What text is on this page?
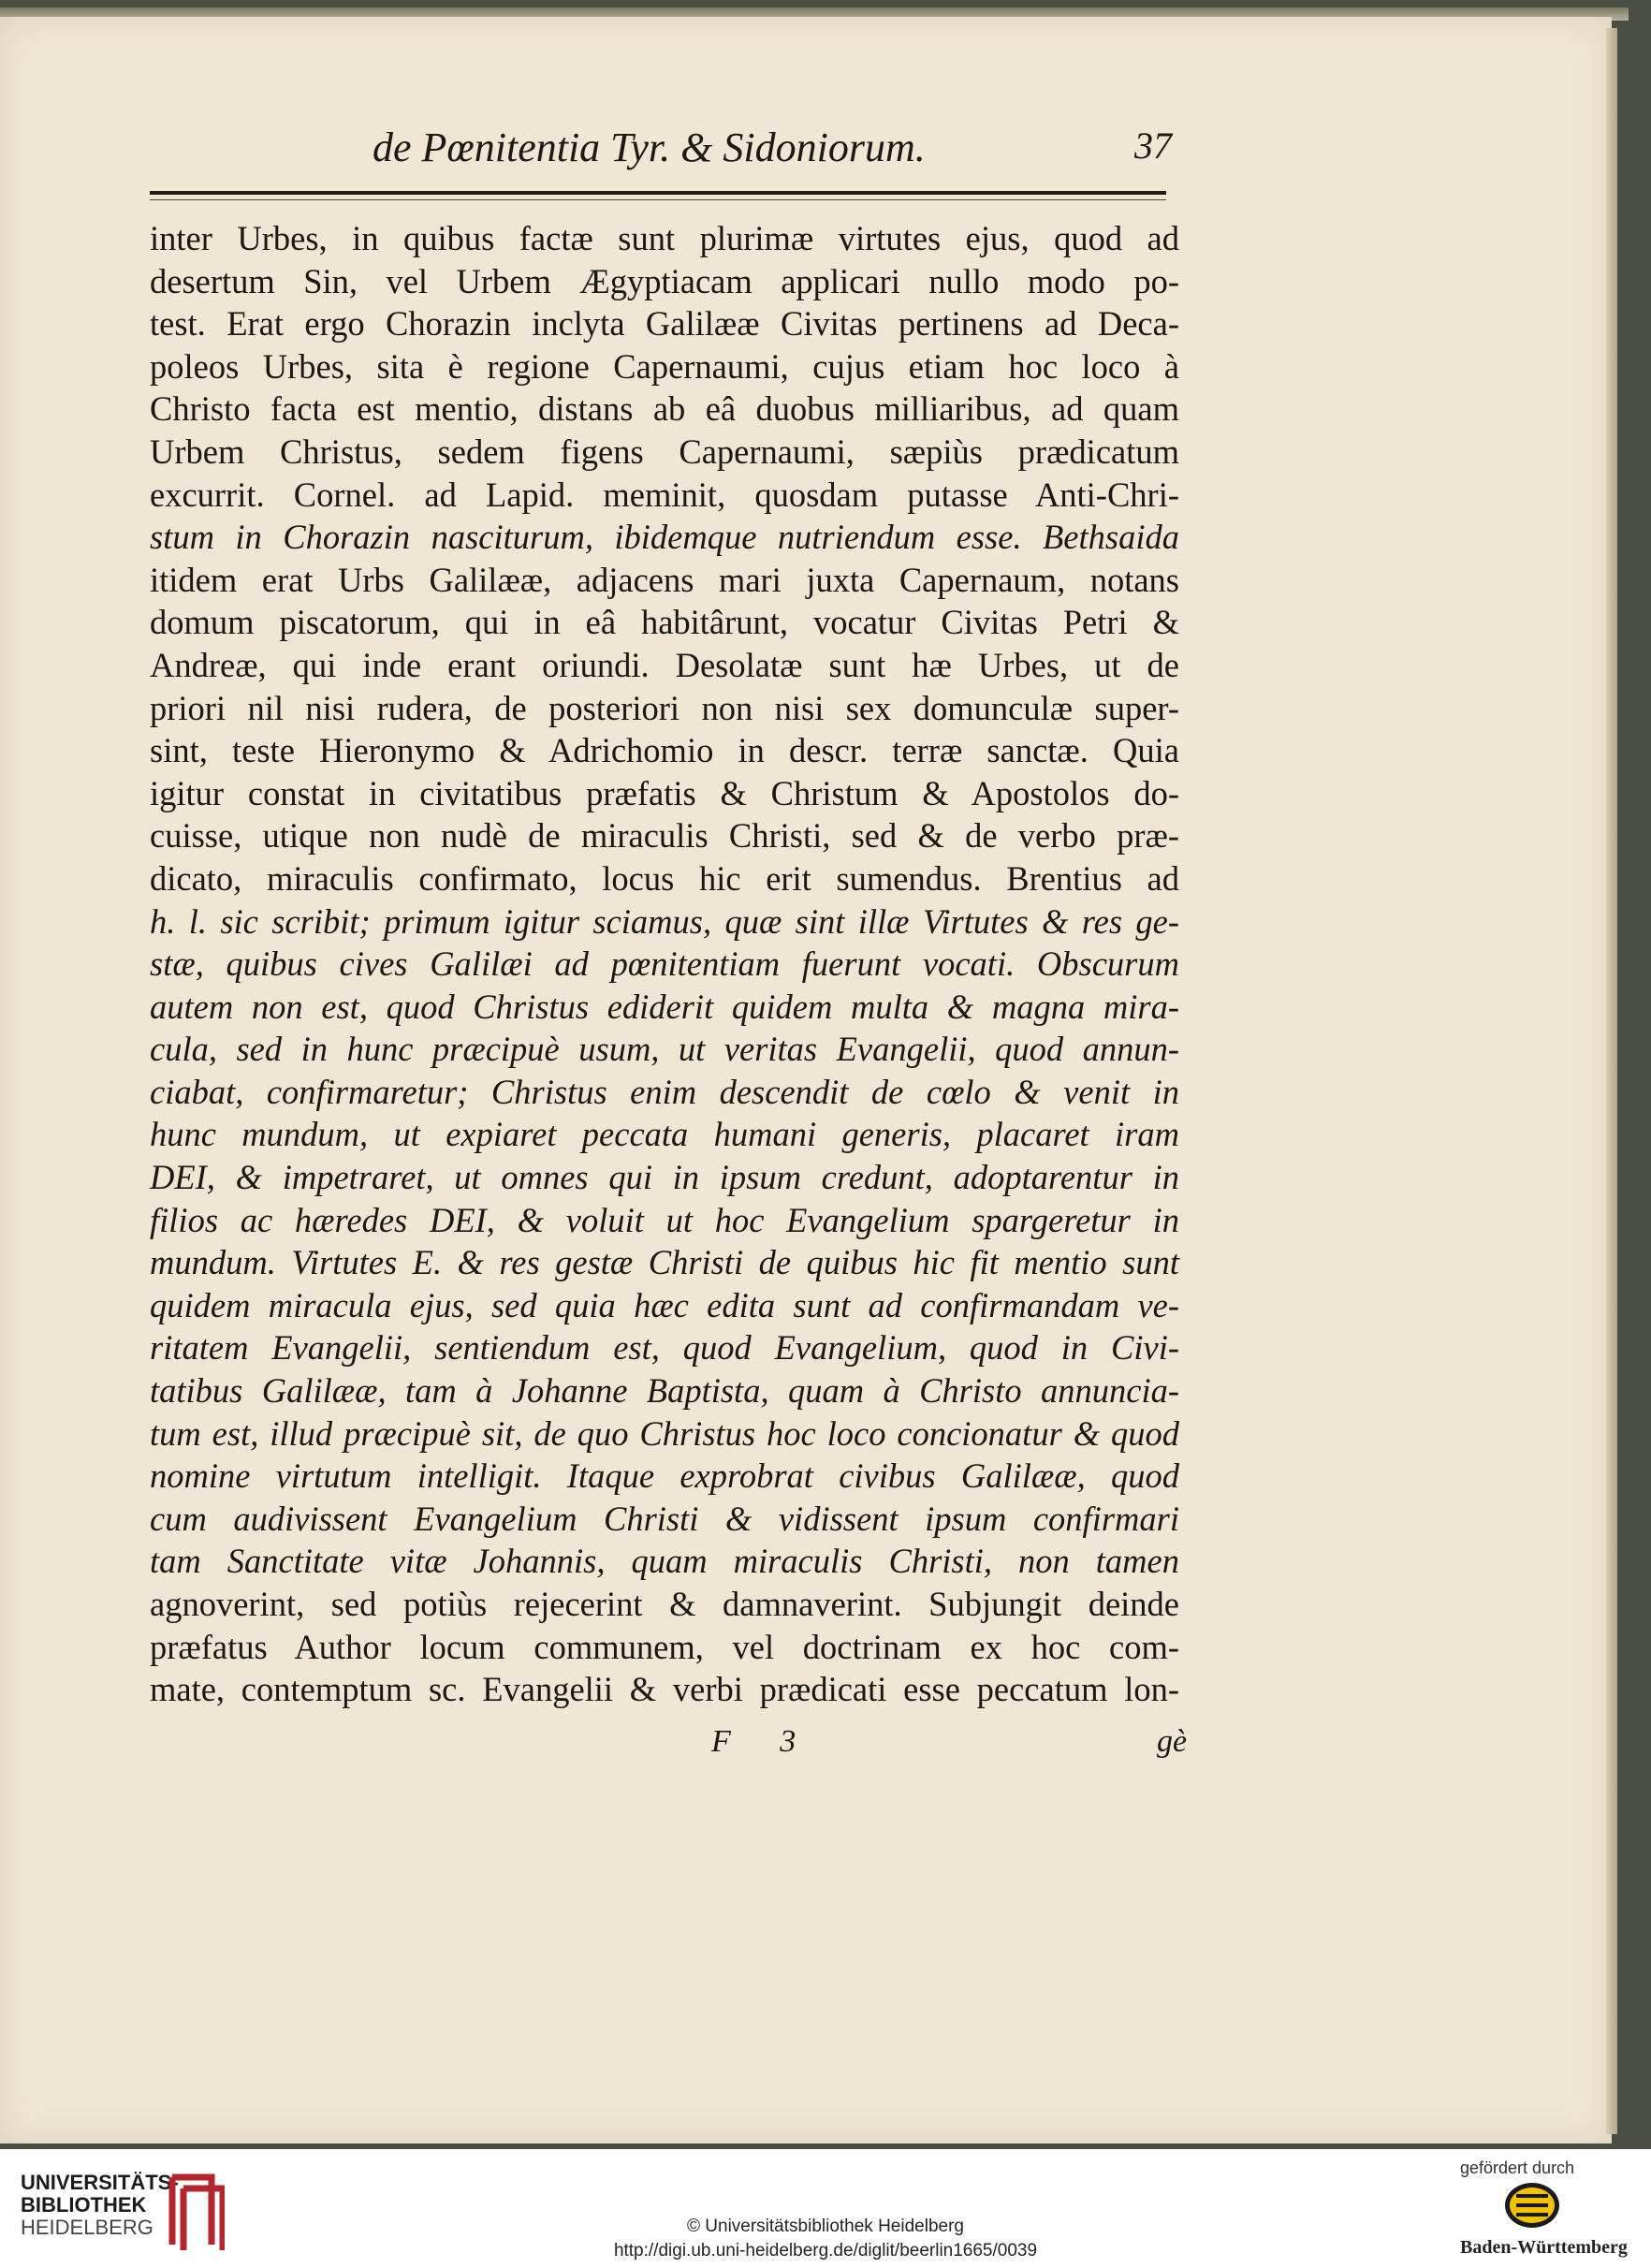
de Pœnitentia Tyr. & Sidoniorum.	37
inter Urbes, in quibus factæ sunt plurimæ virtutes ejus, quod ad
desertum Sin, vel Urbem Ægyptiacam applicari nullo modo po-
test. Erat ergo Chorazin inclyta Galilææ Civitas pertinens ad Deca-
poleos Urbes, sita è regione Capernaumi, cujus etiam hoc loco à
Christo facta est mentio, distans ab eâ duobus milliaribus, ad quam
Urbem Christus, sedem figens Capernaumi, sæpiùs prædicatum
excurrit. Cornel. ad Lapid. meminit, quosdam putasse Anti-Chri-
stum in Chorazin nasciturum, ibidemque nutriendum esse. Bethsaida
itidem erat Urbs Galilææ, adjacens mari juxta Capernaum, notans
domum piscatorum, qui in eâ habitârunt, vocatur Civitas Petri &
Andreæ, qui inde erant oriundi. Desolatæ sunt hæ Urbes, ut de
priori nil nisi rudera, de posteriori non nisi sex domunculæ super-
sint, teste Hieronymo & Adrichomio in descr. terræ sanctæ. Quia
igitur constat in civitatibus præfatis & Christum & Apostolos do-
cuisse, utique non nudè de miraculis Christi, sed & de verbo præ-
dicato, miraculis confirmato, locus hic erit sumendus. Brentius ad
h. l. sic scribit; primum igitur sciamus, quæ sint illæ Virtutes & res ge-
stæ, quibus cives Galilæi ad pœnitentiam fuerunt vocati. Obscurum
autem non est, quod Christus ediderit quidem multa & magna mira-
cula, sed in hunc præcipuè usum, ut veritas Evangelii, quod annun-
ciabat, confirmaretur; Christus enim descendit de cœlo & venit in
hunc mundum, ut expiaret peccata humani generis, placaret iram
DEI, & impetraret, ut omnes qui in ipsum credunt, adoptarentur in
filios ac hæredes DEI, & voluit ut hoc Evangelium spargeretur in
mundum. Virtutes E. & res gestæ Christi de quibus hic fit mentio sunt
quidem miracula ejus, sed quia hæc edita sunt ad confirmandam ve-
ritatem Evangelii, sentiendum est, quod Evangelium, quod in Civi-
tatibus Galilææ, tam à Johanne Baptista, quam à Christo annuncia-
tum est, illud præcipuè sit, de quo Christus hoc loco concionatur & quod
nomine virtutum intelligit. Itaque exprobrat civibus Galilææ, quod
cum audivissent Evangelium Christi & vidissent ipsum confirmari
tam Sanctitate vitæ Johannis, quam miraculis Christi, non tamen
agnoverint, sed potiùs rejecerint & damnaverint. Subjungit deinde
præfatus Author locum communem, vel doctrinam ex hoc com-
mate, contemptum sc. Evangelii & verbi prædicati esse peccatum lon-
F 3	gè
UNIVERSITÄTS-
BIBLIOTHEK
HEIDELBERG	© Universitätsbibliothek Heidelberg
http://digi.ub.uni-heidelberg.de/diglit/beerlin1665/0039
gefördert durch
Baden-Württemberg
